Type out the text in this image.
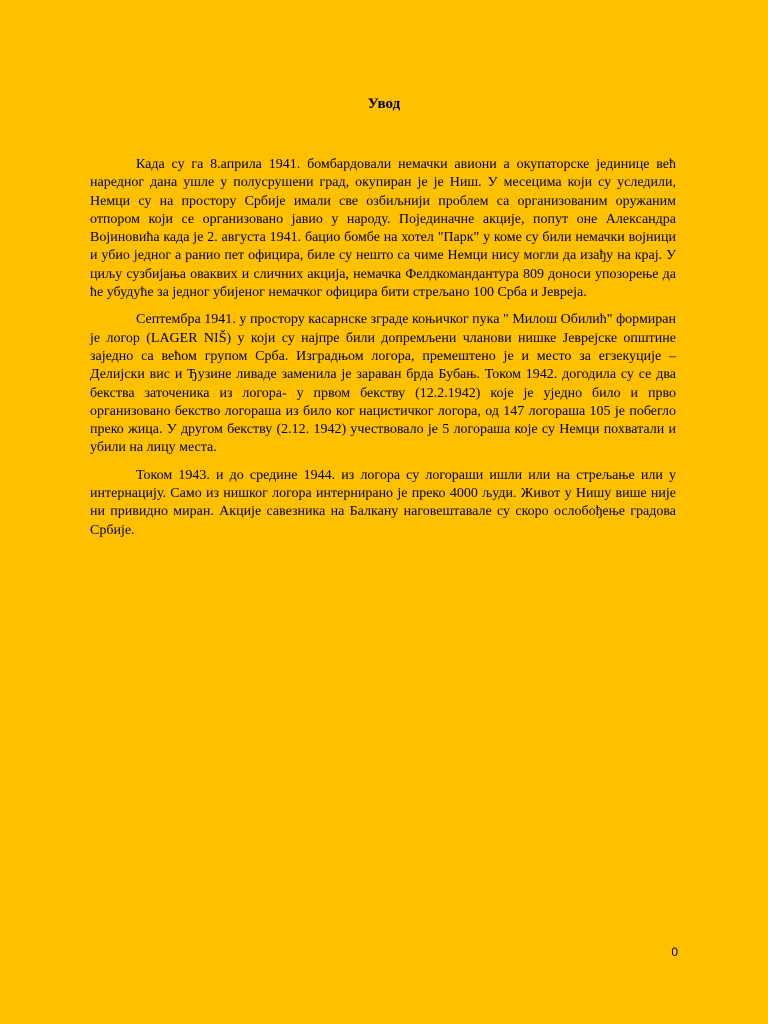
Увод

Када су га 8.априла 1941. бомбардовали немачки авиони а окупаторске јединице већ наредног дана ушле у полусрушени град, окупиран је је Ниш. У месецима који су уследили, Немци су на простору Србије имали све озбиљнији проблем са организованим оружаним отпором који се организовано јавио у народу. Појединачне акције, попут оне Александра Војиновића када је 2. августа 1941. бацио бомбе на хотел "Парк" у коме су били немачки војници и убио једног а ранио пет официра, биле су нешто са чиме Немци нису могли да изађу на крај. У циљу сузбијања оваквих и сличних акција, немачка Фелдкомандантура 809 доноси упозорење да ће убудуће за једног убијеног немачког официра бити стрељано 100 Срба и Јевреја.

Септембра 1941. у простору касарнске зграде коњичког пука " Милош Обилић" формиран је логор (LAGER NIŠ) у који су најпре били допремљени чланови нишке Јеврејске општине заједно са већом групом Срба. Изградњом логора, премештено је и место за егзекуције – Делијски вис и Ђузине ливаде заменила је зараван брда Бубањ. Током 1942. догодила су се два бекства заточеника из логора- у првом бекству (12.2.1942) које је уједно било и прво организовано бекство логораша из било ког нацистичког логора, од 147 логораша 105 је побегло преко жица. У другом бекству (2.12. 1942) учествовало је 5 логораша које су Немци похватали и убили на лицу места.

Током 1943. и до средине 1944. из логора су логораши ишли или на стрељање или у интернацију. Само из нишког логора интернирано је преко 4000 људи. Живот у Нишу више није ни привидно миран. Акције савезника на Балкану наговештавале су скоро ослобођење градова Србије.

0
